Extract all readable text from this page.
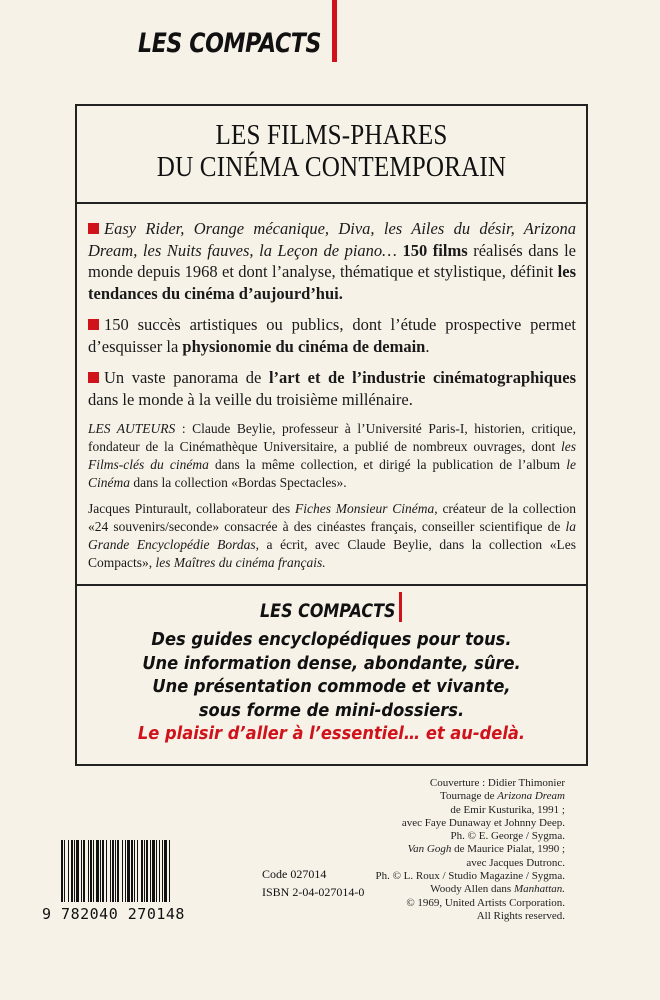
LES COMPACTS
LES FILMS-PHARES
DU CINÉMA CONTEMPORAIN

Easy Rider, Orange mécanique, Diva, les Ailes du désir, Arizona Dream, les Nuits fauves, la Leçon de piano… 150 films réalisés dans le monde depuis 1968 et dont l’analyse, thématique et stylistique, définit les tendances du cinéma d’aujourd’hui.

150 succès artistiques ou publics, dont l’étude prospective permet d’esquisser la physionomie du cinéma de demain.

Un vaste panorama de l’art et de l’industrie cinématographiques dans le monde à la veille du troisième millénaire.

LES AUTEURS : Claude Beylie, professeur à l’Université Paris-I, historien, critique, fondateur de la Cinémathèque Universitaire, a publié de nombreux ouvrages, dont les Films-clés du cinéma dans la même collection, et dirigé la publication de l’album le Cinéma dans la collection «Bordas Spectacles».

Jacques Pinturault, collaborateur des Fiches Monsieur Cinéma, créateur de la collection «24 souvenirs/seconde» consacrée à des cinéastes français, conseiller scientifique de la Grande Encyclopédie Bordas, a écrit, avec Claude Beylie, dans la collection «Les Compacts», les Maîtres du cinéma français.

LES COMPACTS
Des guides encyclopédiques pour tous.
Une information dense, abondante, sûre.
Une présentation commode et vivante,
sous forme de mini-dossiers.
Le plaisir d’aller à l’essentiel… et au-delà.
Couverture : Didier Thimonier
Tournage de Arizona Dream
de Emir Kusturika, 1991 ;
avec Faye Dunaway et Johnny Deep.
Ph. © E. George / Sygma.
Van Gogh de Maurice Pialat, 1990 ;
avec Jacques Dutronc.
Ph. © L. Roux / Studio Magazine / Sygma.
Woody Allen dans Manhattan.
© 1969, United Artists Corporation.
All Rights reserved.
9 782040 270148
Code 027014
ISBN 2-04-027014-0
